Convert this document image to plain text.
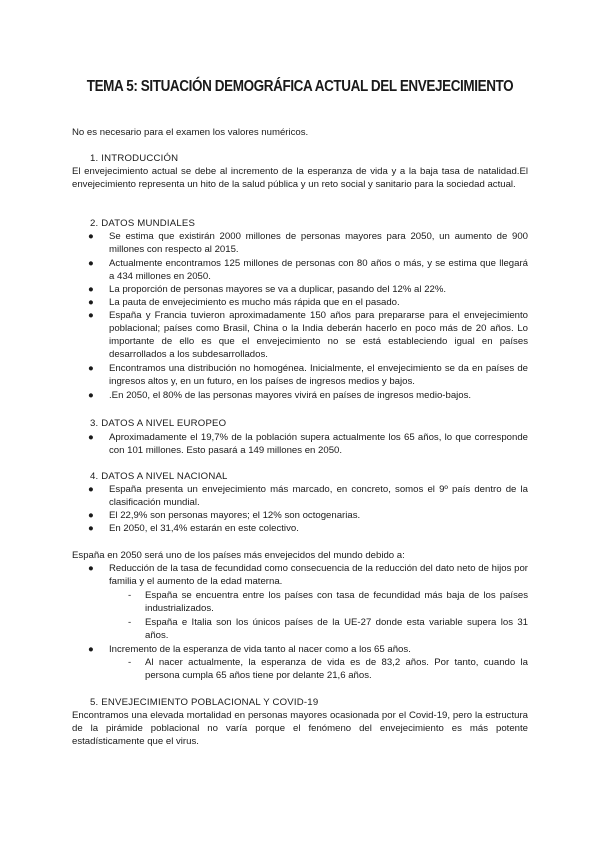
TEMA 5: SITUACIÓN DEMOGRÁFICA ACTUAL DEL ENVEJECIMIENTO

No es necesario para el examen los valores numéricos.

1. INTRODUCCIÓN

El envejecimiento actual se debe al incremento de la esperanza de vida y a la baja tasa de natalidad.El envejecimiento representa un hito de la salud pública y un reto social y sanitario para la sociedad actual.

2. DATOS MUNDIALES

● Se estima que existirán 2000 millones de personas mayores para 2050, un aumento de 900 millones con respecto al 2015.

● Actualmente encontramos 125 millones de personas con 80 años o más, y se estima que llegará a 434 millones en 2050.

● La proporción de personas mayores se va a duplicar, pasando del 12% al 22%.

● La pauta de envejecimiento es mucho más rápida que en el pasado.

● España y Francia tuvieron aproximadamente 150 años para prepararse para el envejecimiento poblacional; países como Brasil, China o la India deberán hacerlo en poco más de 20 años. Lo importante de ello es que el envejecimiento no se está estableciendo igual en países desarrollados a los subdesarrollados.

● Encontramos una distribución no homogénea. Inicialmente, el envejecimiento se da en países de ingresos altos y, en un futuro, en los países de ingresos medios y bajos.

● .En 2050, el 80% de las personas mayores vivirá en países de ingresos medio-bajos.

3. DATOS A NIVEL EUROPEO

● Aproximadamente el 19,7% de la población supera actualmente los 65 años, lo que corresponde con 101 millones. Esto pasará a 149 millones en 2050.

4. DATOS A NIVEL NACIONAL

● España presenta un envejecimiento más marcado, en concreto, somos el 9º país dentro de la clasificación mundial.

● El 22,9% son personas mayores; el 12% son octogenarias.

● En 2050, el 31,4% estarán en este colectivo.

España en 2050 será uno de los países más envejecidos del mundo debido a:

● Reducción de la tasa de fecundidad como consecuencia de la reducción del dato neto de hijos por familia y el aumento de la edad materna.

- España se encuentra entre los países con tasa de fecundidad más baja de los países industrializados.

- España e Italia son los únicos países de la UE-27 donde esta variable supera los 31 años.

● Incremento de la esperanza de vida tanto al nacer como a los 65 años.

- Al nacer actualmente, la esperanza de vida es de 83,2 años. Por tanto, cuando la persona cumpla 65 años tiene por delante 21,6 años.

5. ENVEJECIMIENTO POBLACIONAL Y COVID-19

Encontramos una elevada mortalidad en personas mayores ocasionada por el Covid-19, pero la estructura de la pirámide poblacional no varía porque el fenómeno del envejecimiento es más potente estadísticamente que el virus.
